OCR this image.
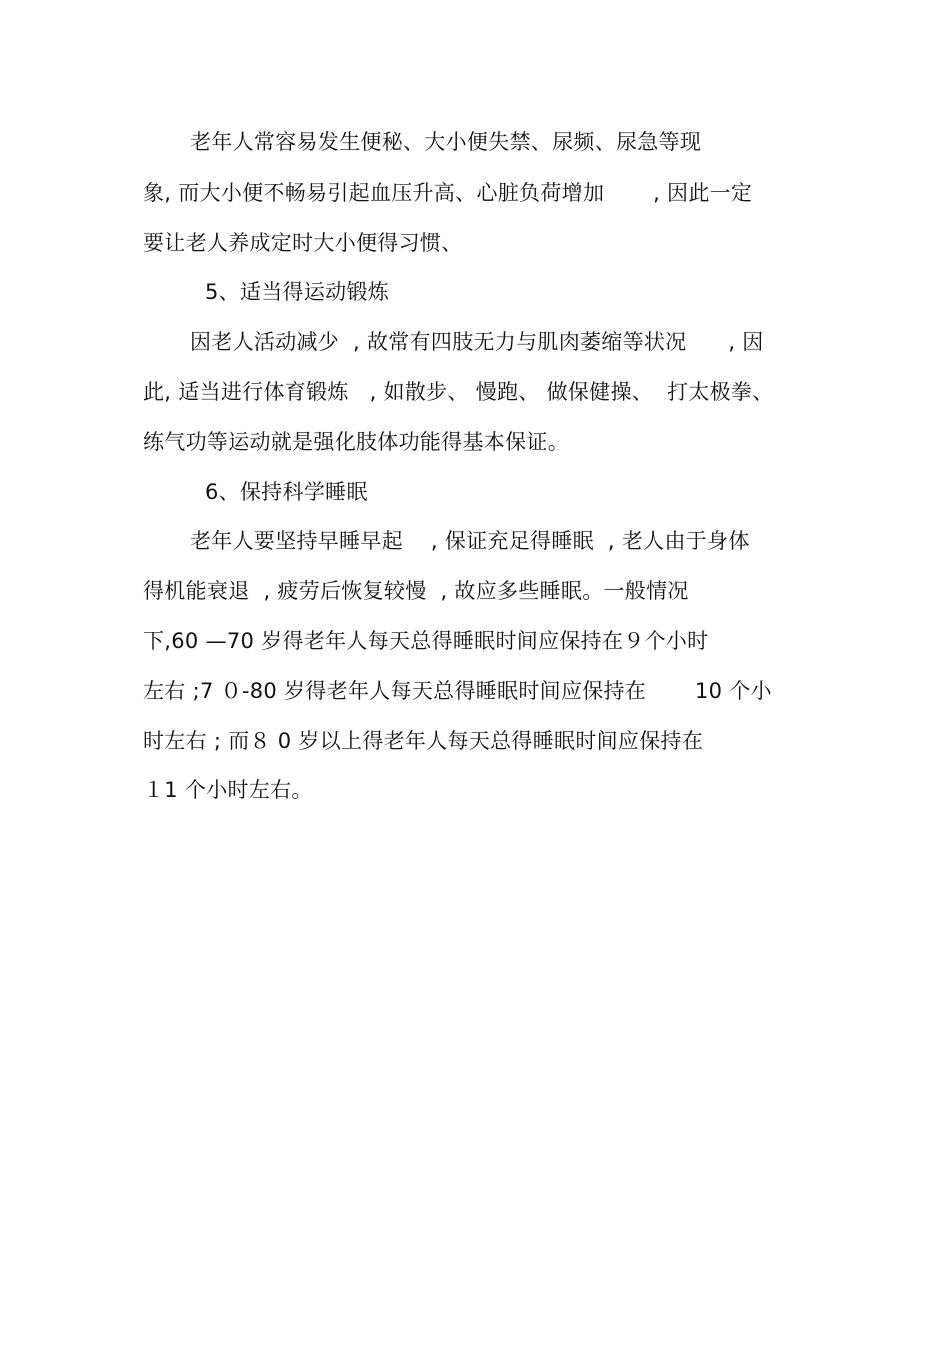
老年人常容易发生便秘、大小便失禁、尿频、尿急等现
象, 而大小便不畅易引起血压升高、心脏负荷增加       , 因此一定
要让老人养成定时大小便得习惯、
5、适当得运动锻炼
因老人活动减少  , 故常有四肢无力与肌肉萎缩等状况      , 因
此, 适当进行体育锻炼   , 如散步、 慢跑、 做保健操、  打太极拳、
练气功等运动就是强化肢体功能得基本保证。
6、保持科学睡眠
老年人要坚持早睡早起    , 保证充足得睡眠  , 老人由于身体
得机能衰退  , 疲劳后恢复较慢  , 故应多些睡眠。一般情况
下,60 —70 岁得老年人每天总得睡眠时间应保持在９个小时
左右 ;7 ０-80 岁得老年人每天总得睡眠时间应保持在       10 个小
时左右 ; 而８ 0 岁以上得老年人每天总得睡眠时间应保持在
１1 个小时左右。
